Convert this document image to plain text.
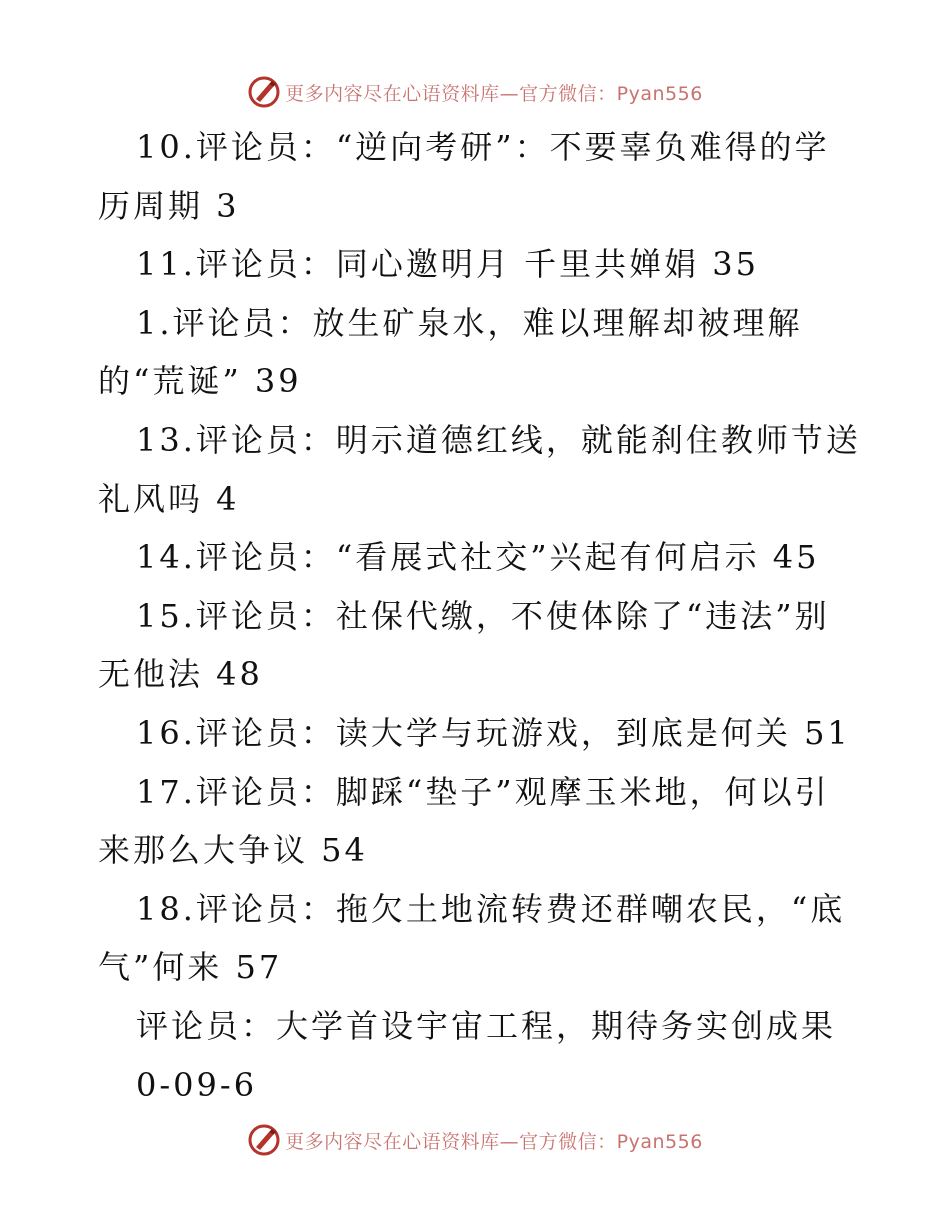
更多内容尽在心语资料库—官方微信：Pyan556
10.评论员：“逆向考研”：不要辜负难得的学
历周期 3
11.评论员：同心邀明月 千里共婵娟 35
1.评论员：放生矿泉水，难以理解却被理解
的“荒诞” 39
13.评论员：明示道德红线，就能刹住教师节送
礼风吗 4
14.评论员：“看展式社交”兴起有何启示 45
15.评论员：社保代缴，不使体除了“违法”别
无他法 48
16.评论员：读大学与玩游戏，到底是何关 51
17.评论员：脚踩“垫子”观摩玉米地，何以引
来那么大争议 54
18.评论员：拖欠土地流转费还群嘲农民，“底
气”何来 57
评论员：大学首设宇宙工程，期待务实创成果
0-09-6
更多内容尽在心语资料库—官方微信：Pyan556
